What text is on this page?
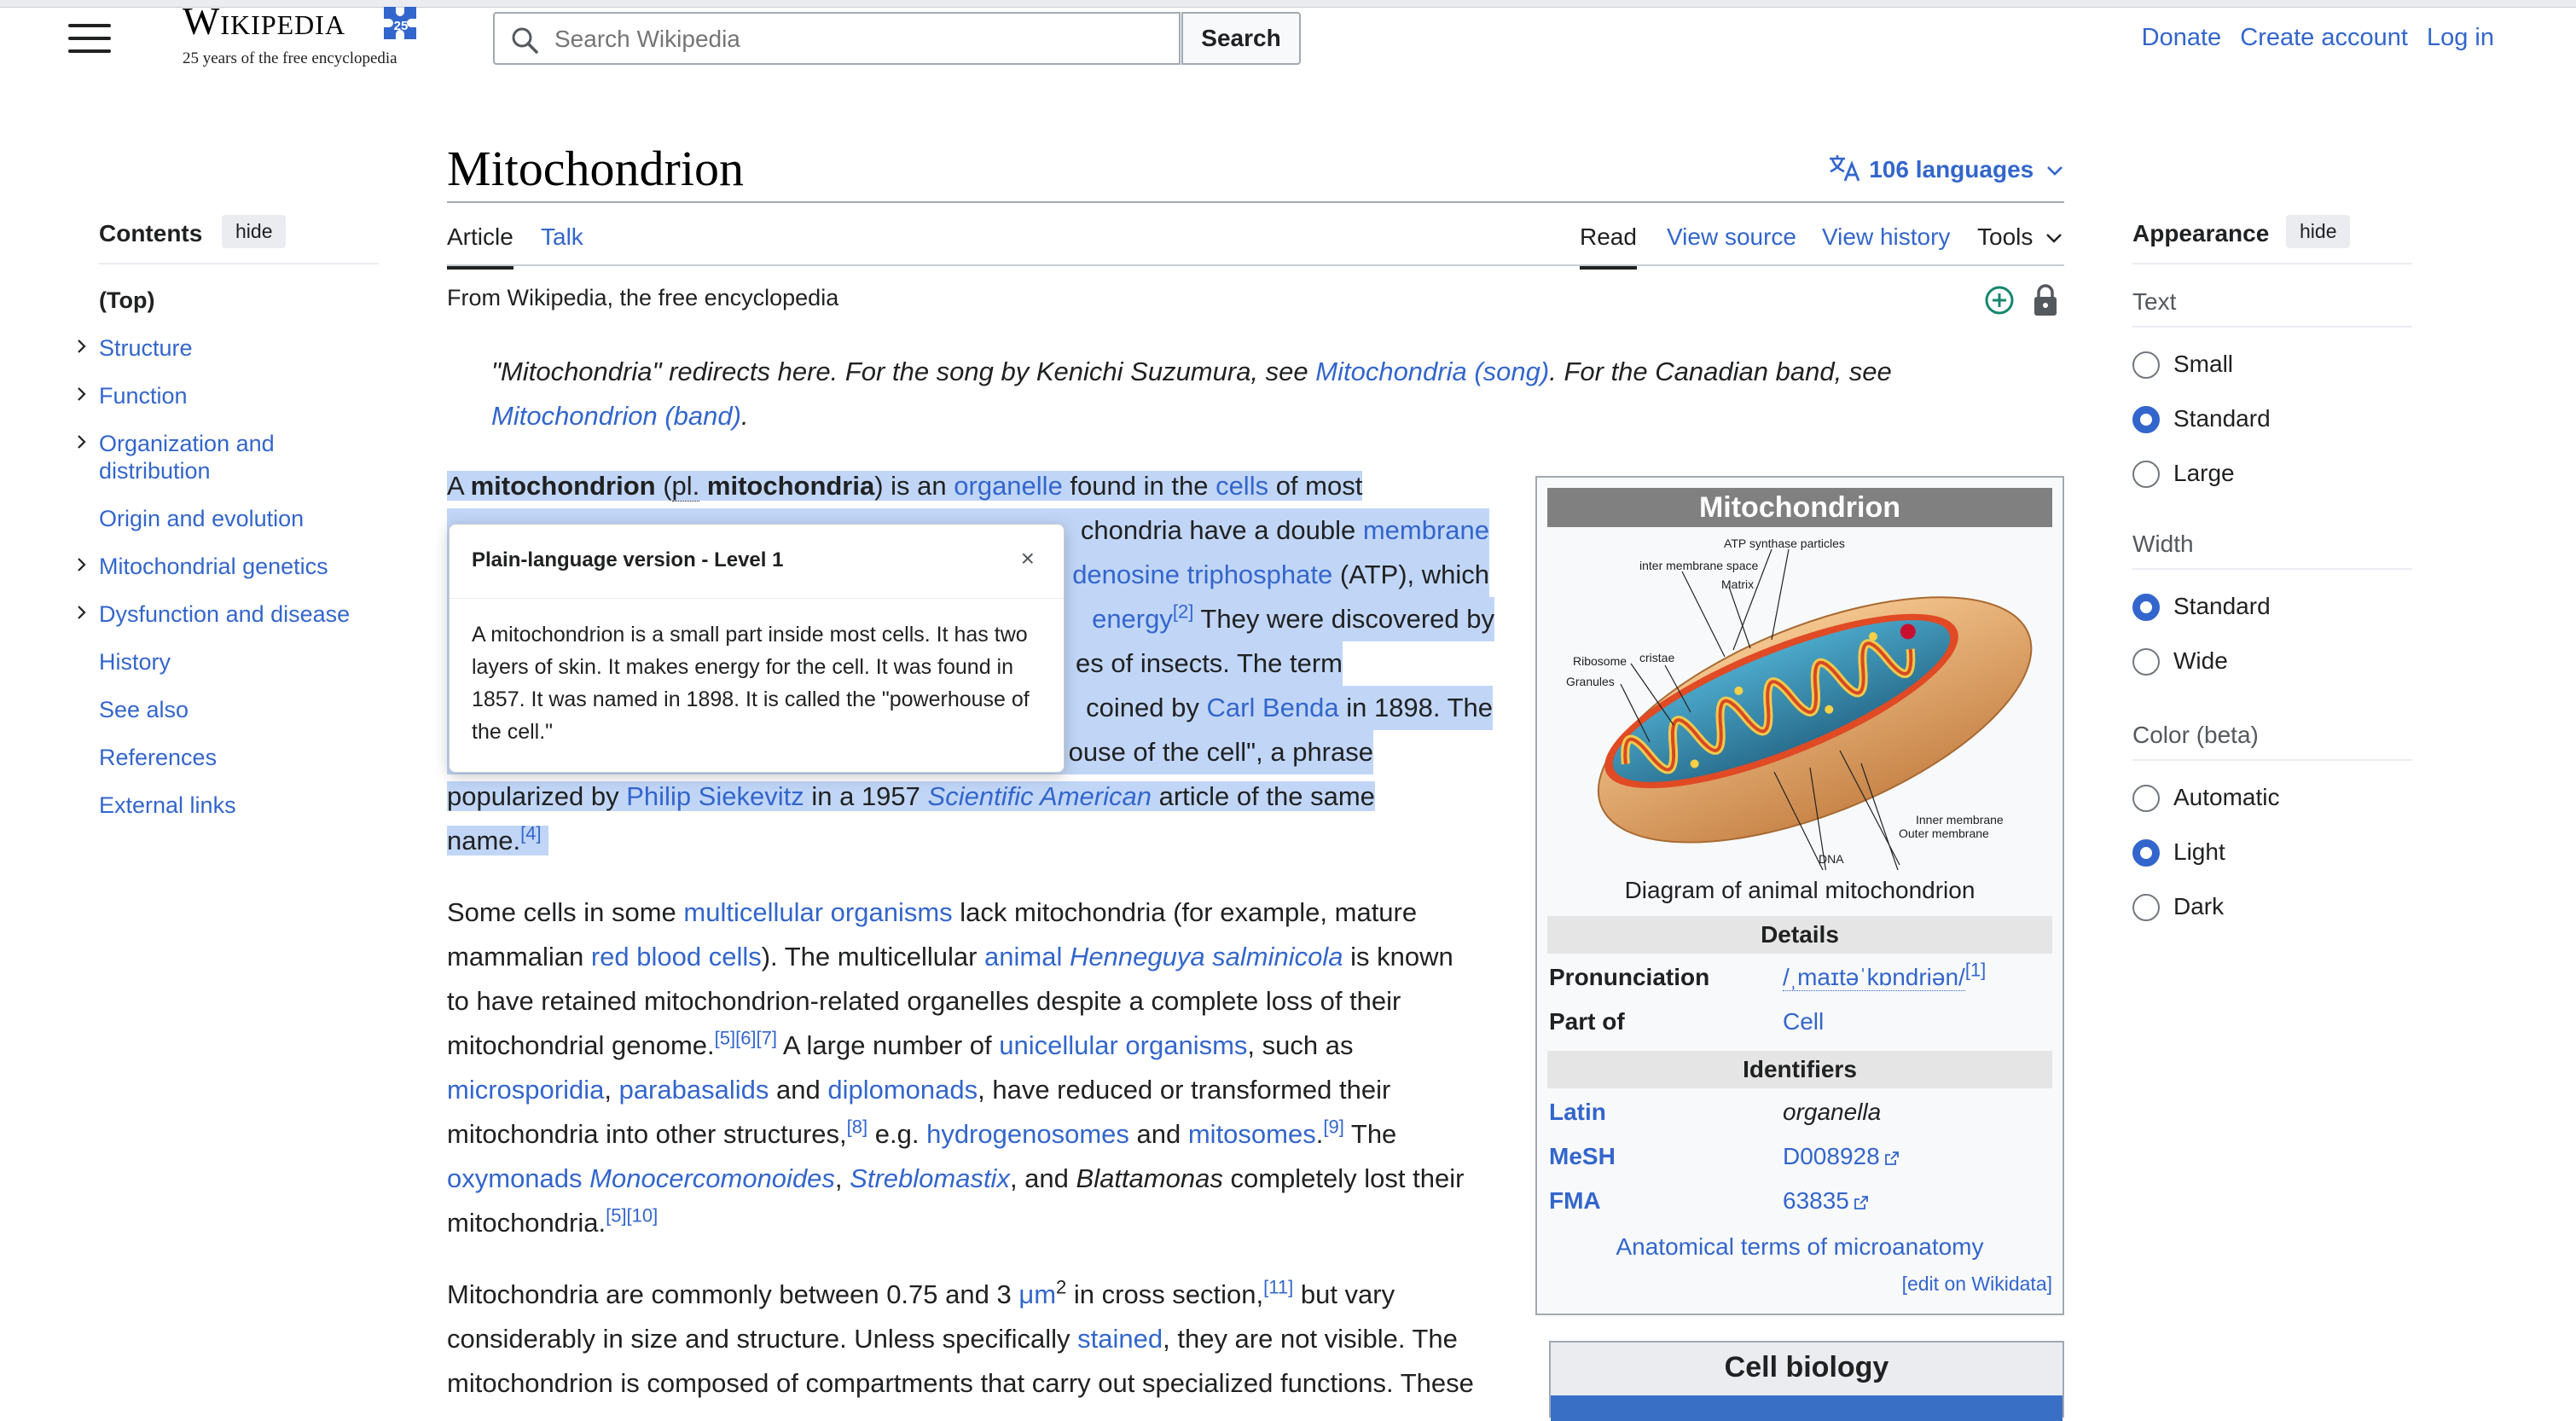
Wikipedia	25
25 years of the free encyclopedia
Search Wikipedia
Search	Donate Create account Log in
Mitochondrion	106 languages
Article Talk	Read View source View history Tools
From Wikipedia, the free encyclopedia
Contents	hide
(Top)
Structure
Function
Organization and distribution
Origin and evolution
Mitochondrial genetics
Dysfunction and disease
History
See also
References
External links
Appearance	hide
Text
Small
Standard
Large
Width
Standard
Wide
Color (beta)
Automatic
Light
Dark
"Mitochondria" redirects here. For the song by Kenichi Suzumura, see Mitochondria (song). For the Canadian band, see Mitochondrion (band).
A mitochondrion (pl. mitochondria) is an organelle found in the cells of most
chondria have a double membrane
denosine triphosphate (ATP), which
energy[2] They were discovered by
es of insects. The term
coined by Carl Benda in 1898. The
ouse of the cell", a phrase
popularized by Philip Siekevitz in a 1957 Scientific American article of the same
name.[4]
Some cells in some multicellular organisms lack mitochondria (for example, mature
mammalian red blood cells). The multicellular animal Henneguya salminicola is known
to have retained mitochondrion-related organelles despite a complete loss of their
mitochondrial genome.[5][6][7] A large number of unicellular organisms, such as
microsporidia, parabasalids and diplomonads, have reduced or transformed their
mitochondria into other structures,[8] e.g. hydrogenosomes and mitosomes.[9] The
oxymonads Monocercomonoides, Streblomastix, and Blattamonas completely lost their
mitochondria.[5][10]
Mitochondria are commonly between 0.75 and 3 $\mu m^2$ in cross section,[11] but vary
considerably in size and structure. Unless specifically stained, they are not visible. The
mitochondrion is composed of compartments that carry out specialized functions. These
Mitochondrion
ATP synthase particles
inter membrane space
Matrix
Ribosome cristae
Granules
Inner membrane
Outer membrane
DNA
Diagram of animal mitochondrion
Details
Pronunciation	/ˌmaɪtəˈkɒndriən/[1]
Part of	Cell
Identifiers
Latin	organella
MeSH	D008928
FMA	63835
Anatomical terms of microanatomy
[edit on Wikidata]
Cell biology
Plain-language version - Level 1	×
A mitochondrion is a small part inside most cells. It has two layers of skin. It makes energy for the cell. It was found in 1857. It was named in 1898. It is called the "powerhouse of the cell."
